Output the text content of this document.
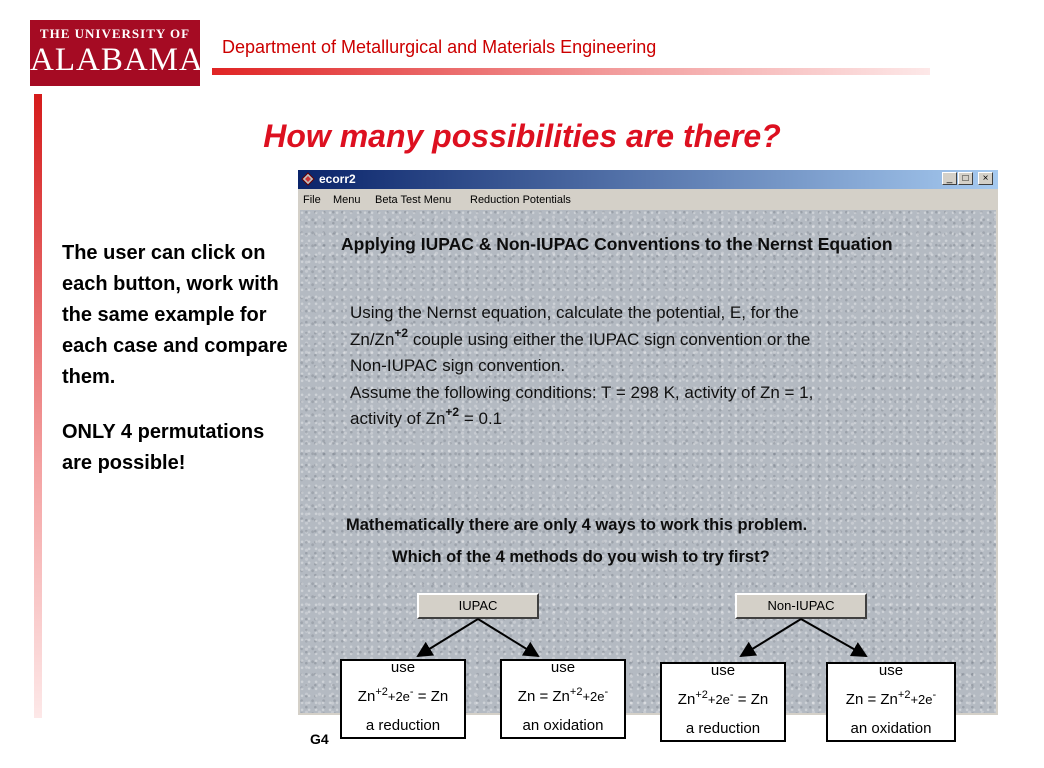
THE UNIVERSITY OF
ALABAMA Department of Metallurgical and Materials Engineering
How many possibilities are there?

The user can click on each button, work with the same example for each case and compare them.

ONLY 4 permutations are possible!

ecorr2	_	□	×
File Menu Beta Test Menu Reduction Potentials
Applying IUPAC & Non-IUPAC Conventions to the Nernst Equation
Using the Nernst equation, calculate the potential, E, for the
$Zn/Zn^{+2}$ couple using either the IUPAC sign convention or the
Non-IUPAC sign convention.
Assume the following conditions: T = 298 K, activity of Zn = 1,
activity of $Zn^{+2} = 0.1$
Mathematically there are only 4 ways to work this problem.
Which of the 4 methods do you wish to try first?
IUPAC	Non-IUPAC
use
$Zn^{+2}+2e^- = Zn$
a reduction
use
$Zn = Zn^{+2}+2e^-$
an oxidation
use
$Zn^{+2}+2e^- = Zn$
a reduction
use
$Zn = Zn^{+2}+2e^-$
an oxidation
G4
